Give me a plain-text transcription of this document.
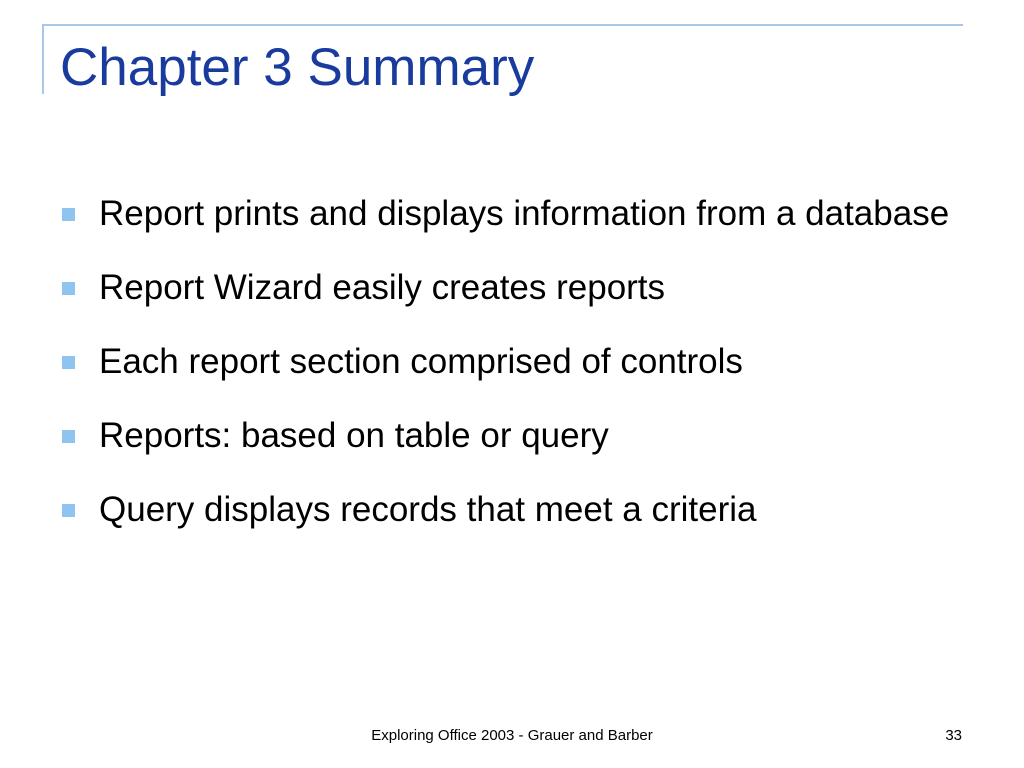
Chapter 3 Summary
Report prints and displays information from a database
Report Wizard easily creates reports
Each report section comprised of controls
Reports: based on table or query
Query displays records that meet a criteria
Exploring Office 2003 - Grauer and Barber	33
